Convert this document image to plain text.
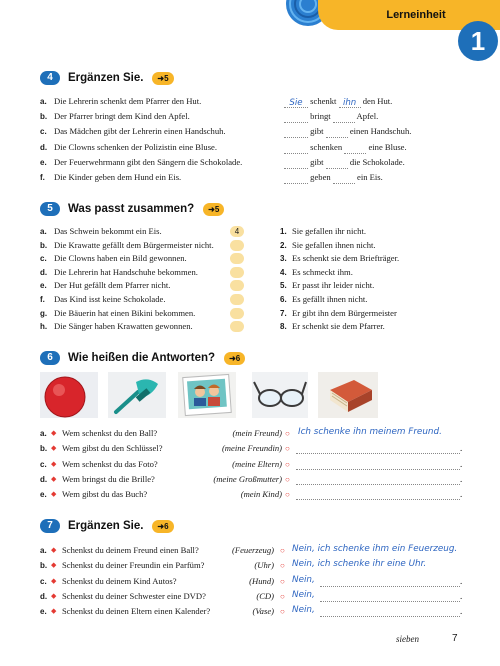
Lerneinheit
1
4	Ergänzen Sie.	➜5
a. Die Lehrerin schenkt dem Pfarrer den Hut.	Sie schenkt ihn den Hut.
b. Der Pfarrer bringt dem Kind den Apfel.	bringt	Apfel.
c. Das Mädchen gibt der Lehrerin einen Handschuh.	gibt	einen Handschuh.
d. Die Clowns schenken der Polizistin eine Bluse.	schenken	eine Bluse.
e. Der Feuerwehrmann gibt den Sängern die Schokolade.	gibt	die Schokolade.
f. Die Kinder geben dem Hund ein Eis.	geben	ein Eis.
5	Was passt zusammen?	➜5
a. Das Schwein bekommt ein Eis.	4	1. Sie gefallen ihr nicht.
b. Die Krawatte gefällt dem Bürgermeister nicht.	2. Sie gefallen ihnen nicht.
c. Die Clowns haben ein Bild gewonnen.	3. Es schenkt sie dem Briefträger.
d. Die Lehrerin hat Handschuhe bekommen.	4. Es schmeckt ihm.
e. Der Hut gefällt dem Pfarrer nicht.	5. Er passt ihr leider nicht.
f. Das Kind isst keine Schokolade.	6. Es gefällt ihnen nicht.
g. Die Bäuerin hat einen Bikini bekommen.	7. Er gibt ihn dem Bürgermeister
h. Die Sänger haben Krawatten gewonnen.	8. Er schenkt sie dem Pfarrer.
6	Wie heißen die Antworten?	➜6
a. ◆ Wem schenkst du den Ball?	(mein Freund) ○ Ich schenke ihn meinem Freund.
b. ◆ Wem gibst du den Schlüssel?	(meine Freundin) ○	.
c. ◆ Wem schenkst du das Foto?	(meine Eltern) ○	.
d. ◆ Wem bringst du die Brille?	(meine Großmutter) ○	.
e. ◆ Wem gibst du das Buch?	(mein Kind) ○	.
7	Ergänzen Sie.	➜6
a. ◆ Schenkst du deinem Freund einen Ball?	(Feuerzeug) ○ Nein, ich schenke ihm ein Feuerzeug.
b. ◆ Schenkst du deiner Freundin ein Parfüm?	(Uhr) ○ Nein, ich schenke ihr eine Uhr.
c. ◆ Schenkst du deinem Kind Autos?	(Hund) ○ Nein,	.
d. ◆ Schenkst du deiner Schwester eine DVD?	(CD) ○ Nein,	.
e. ◆ Schenkst du deinen Eltern einen Kalender?	(Vase) ○ Nein,	.
sieben	7
